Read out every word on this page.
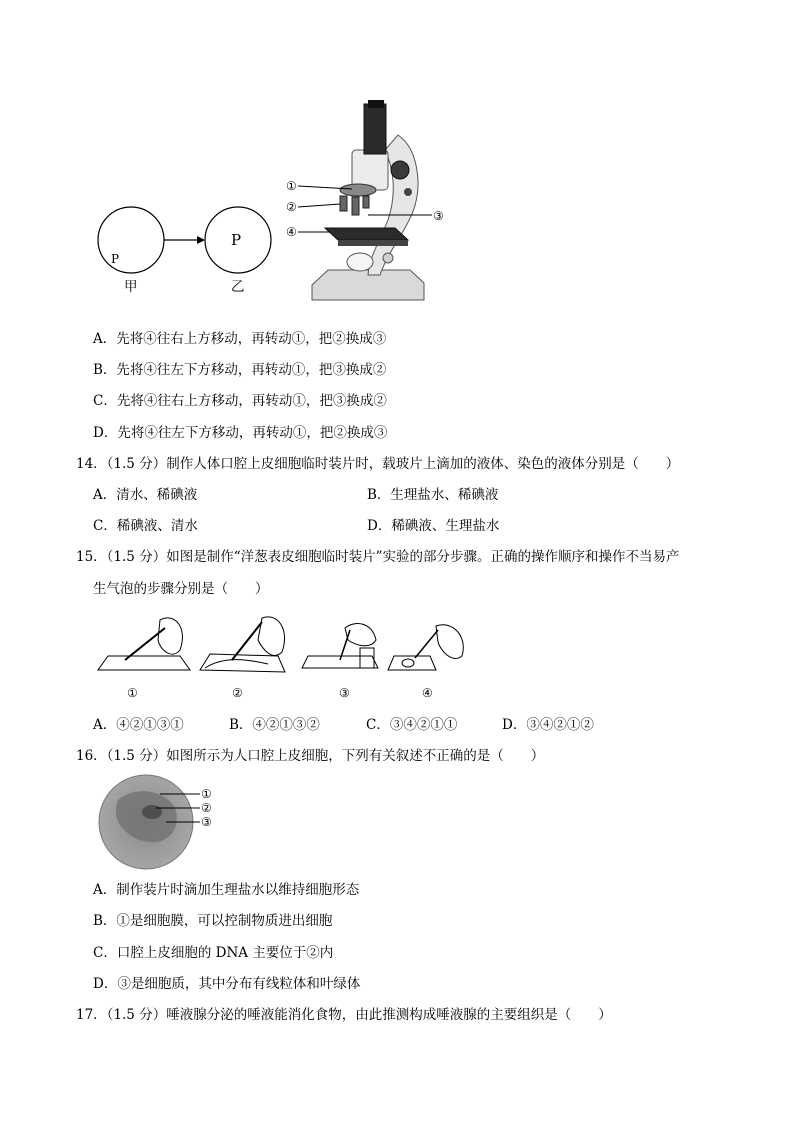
P
P
甲	乙
①
②
③
④
A．先将④往右上方移动，再转动①，把②换成③
B．先将④往左下方移动，再转动①，把③换成②
C．先将④往右上方移动，再转动①，把③换成②
D．先将④往左下方移动，再转动①，把②换成③
14．（1.5 分）制作人体口腔上皮细胞临时装片时，载玻片上滴加的液体、染色的液体分别是（　　）
A．清水、稀碘液	B．生理盐水、稀碘液
C．稀碘液、清水	D．稀碘液、生理盐水
15．（1.5 分）如图是制作“洋葱表皮细胞临时装片”实验的部分步骤。正确的操作顺序和操作不当易产
生气泡的步骤分别是（　　）
①	②	③	④
A．④②①③①	B．④②①③②	C．③④②①①	D．③④②①②
16．（1.5 分）如图所示为人口腔上皮细胞，下列有关叙述不正确的是（　　）
①
②
③
A．制作装片时滴加生理盐水以维持细胞形态
B．①是细胞膜，可以控制物质进出细胞
C．口腔上皮细胞的 DNA 主要位于②内
D．③是细胞质，其中分布有线粒体和叶绿体
17．（1.5 分）唾液腺分泌的唾液能消化食物，由此推测构成唾液腺的主要组织是（　　）
